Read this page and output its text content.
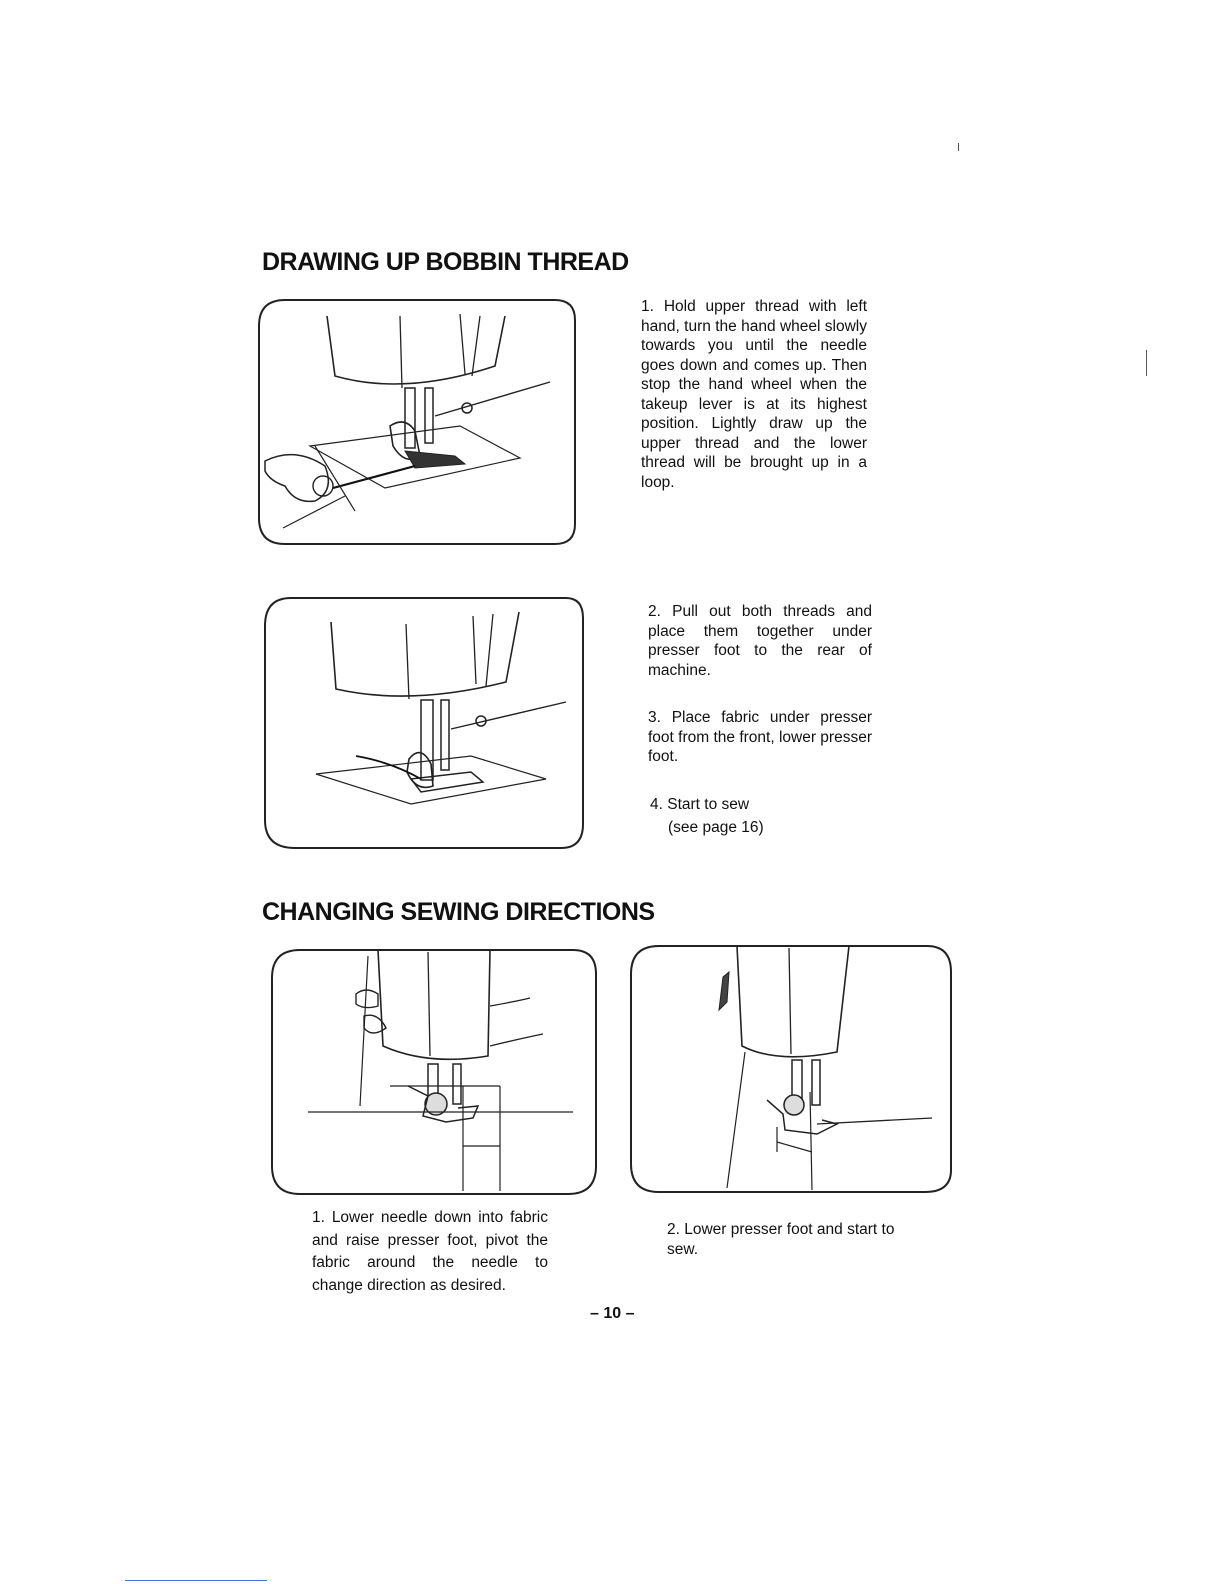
DRAWING UP BOBBIN THREAD
1. Hold upper thread with left hand, turn the hand wheel slowly towards you until the needle goes down and comes up. Then stop the hand wheel when the takeup lever is at its highest position. Lightly draw up the upper thread and the lower thread will be brought up in a loop.
2. Pull out both threads and place them together under presser foot to the rear of machine.
3. Place fabric under presser foot from the front, lower presser foot.
4. Start to sew
(see page 16)
CHANGING SEWING DIRECTIONS
1. Lower needle down into fabric and raise presser foot, pivot the fabric around the needle to change direction as desired.
2. Lower presser foot and start to sew.
– 10 –
